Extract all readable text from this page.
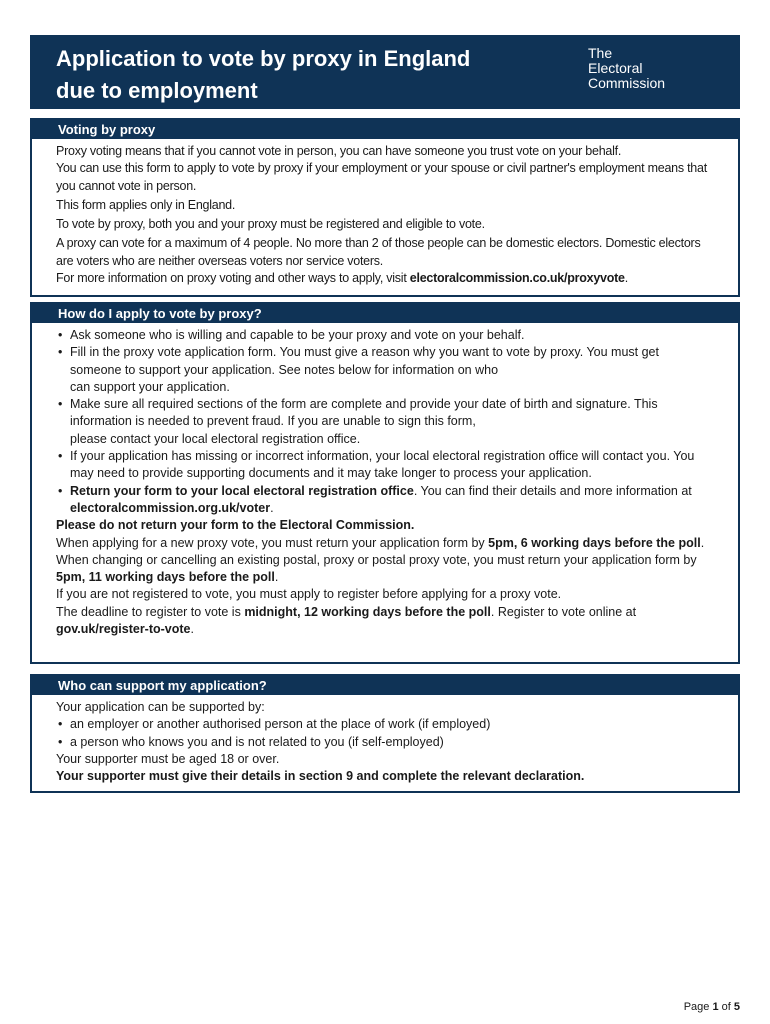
Application to vote by proxy in England
due to employment
The
Electoral
Commission
Voting by proxy

Proxy voting means that if you cannot vote in person, you can have someone you trust vote on your behalf.

You can use this form to apply to vote by proxy if your employment or your spouse or civil partner's employment means that you cannot vote in person.

This form applies only in England.

To vote by proxy, both you and your proxy must be registered and eligible to vote.

A proxy can vote for a maximum of 4 people. No more than 2 of those people can be domestic electors. Domestic electors are voters who are neither overseas voters nor service voters.

For more information on proxy voting and other ways to apply, visit electoralcommission.co.uk/proxyvote.

How do I apply to vote by proxy?
• Ask someone who is willing and capable to be your proxy and vote on your behalf.
• Fill in the proxy vote application form. You must give a reason why you want to vote by proxy. You must get someone to support your application. See notes below for information on who
can support your application.
• Make sure all required sections of the form are complete and provide your date of birth and signature. This information is needed to prevent fraud. If you are unable to sign this form,
please contact your local electoral registration office.
• If your application has missing or incorrect information, your local electoral registration office will contact you. You may need to provide supporting documents and it may take longer to process your application.
• Return your form to your local electoral registration office. You can find their details and more information at electoralcommission.org.uk/voter.

Please do not return your form to the Electoral Commission.

When applying for a new proxy vote, you must return your application form by 5pm, 6 working days before the poll.

When changing or cancelling an existing postal, proxy or postal proxy vote, you must return your application form by 5pm, 11 working days before the poll.

If you are not registered to vote, you must apply to register before applying for a proxy vote.

The deadline to register to vote is midnight, 12 working days before the poll. Register to vote online at gov.uk/register-to-vote.

Who can support my application?

Your application can be supported by:

• an employer or another authorised person at the place of work (if employed)
• a person who knows you and is not related to you (if self-employed)

Your supporter must be aged 18 or over.

Your supporter must give their details in section 9 and complete the relevant declaration.

Page 1 of 5
